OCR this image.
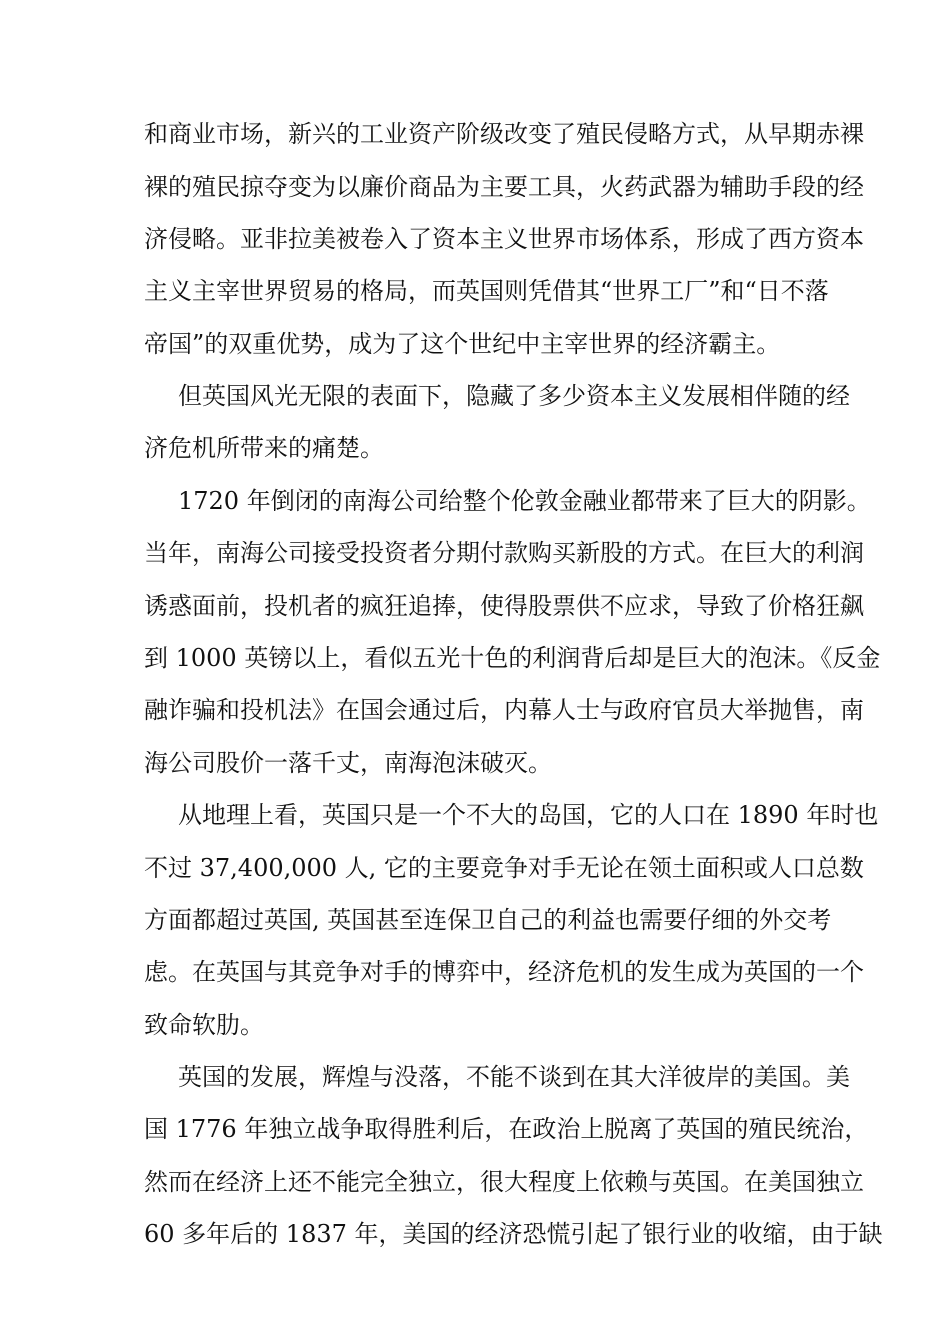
和商业市场，新兴的工业资产阶级改变了殖民侵略方式，从早期赤裸
裸的殖民掠夺变为以廉价商品为主要工具，火药武器为辅助手段的经
济侵略。亚非拉美被卷入了资本主义世界市场体系，形成了西方资本
主义主宰世界贸易的格局，而英国则凭借其“世界工厂”和“日不落
帝国”的双重优势，成为了这个世纪中主宰世界的经济霸主。
但英国风光无限的表面下，隐藏了多少资本主义发展相伴随的经
济危机所带来的痛楚。
1720 年倒闭的南海公司给整个伦敦金融业都带来了巨大的阴影。
当年，南海公司接受投资者分期付款购买新股的方式。在巨大的利润
诱惑面前，投机者的疯狂追捧，使得股票供不应求，导致了价格狂飙
到 1000 英镑以上，看似五光十色的利润背后却是巨大的泡沫。《反金
融诈骗和投机法》在国会通过后，内幕人士与政府官员大举抛售，南
海公司股价一落千丈，南海泡沫破灭。
从地理上看，英国只是一个不大的岛国，它的人口在 1890 年时也
不过 37,400,000 人, 它的主要竞争对手无论在领土面积或人口总数
方面都超过英国, 英国甚至连保卫自己的利益也需要仔细的外交考
虑。在英国与其竞争对手的博弈中，经济危机的发生成为英国的一个
致命软肋。
英国的发展，辉煌与没落，不能不谈到在其大洋彼岸的美国。美
国 1776 年独立战争取得胜利后，在政治上脱离了英国的殖民统治，
然而在经济上还不能完全独立，很大程度上依赖与英国。在美国独立
60 多年后的 1837 年，美国的经济恐慌引起了银行业的收缩，由于缺
